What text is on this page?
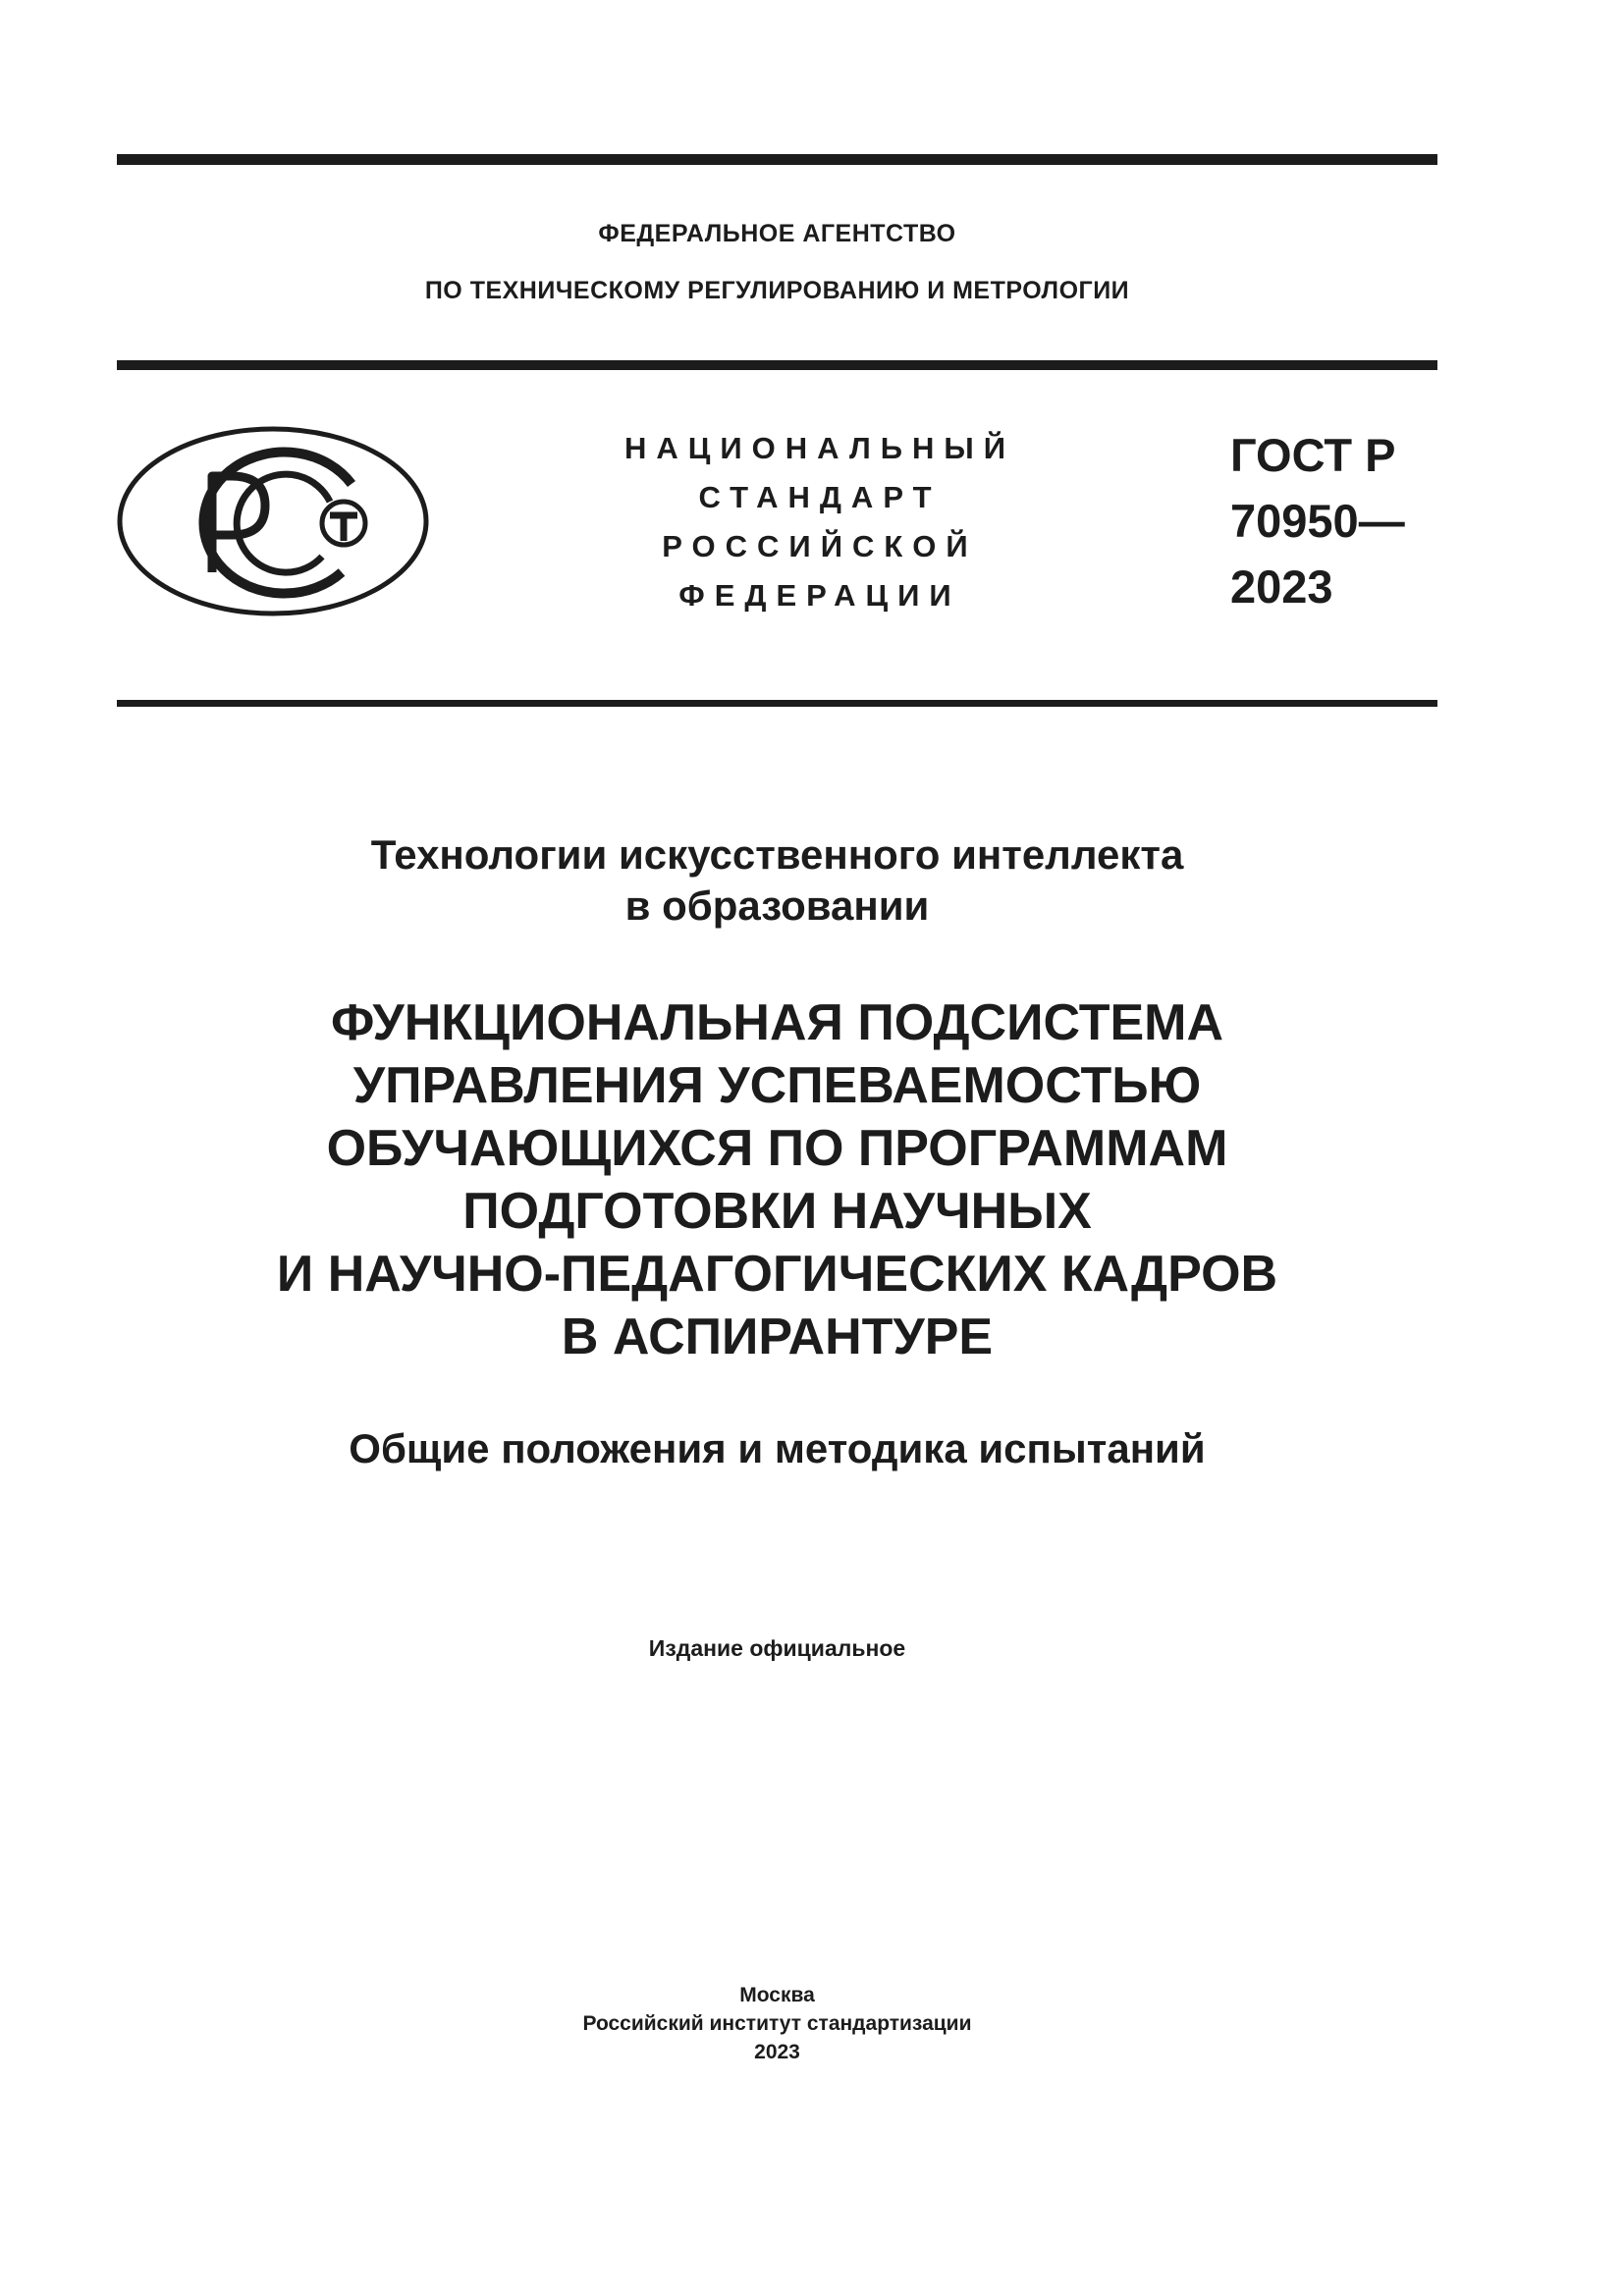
ФЕДЕРАЛЬНОЕ АГЕНТСТВО
ПО ТЕХНИЧЕСКОМУ РЕГУЛИРОВАНИЮ И МЕТРОЛОГИИ
НАЦИОНАЛЬНЫЙ
СТАНДАРТ
РОССИЙСКОЙ
ФЕДЕРАЦИИ
ГОСТ Р
70950—
2023
Технологии искусственного интеллекта
в образовании
ФУНКЦИОНАЛЬНАЯ ПОДСИСТЕМА
УПРАВЛЕНИЯ УСПЕВАЕМОСТЬЮ
ОБУЧАЮЩИХСЯ ПО ПРОГРАММАМ
ПОДГОТОВКИ НАУЧНЫХ
И НАУЧНО-ПЕДАГОГИЧЕСКИХ КАДРОВ
В АСПИРАНТУРЕ
Общие положения и методика испытаний
Издание официальное
Москва
Российский институт стандартизации
2023
